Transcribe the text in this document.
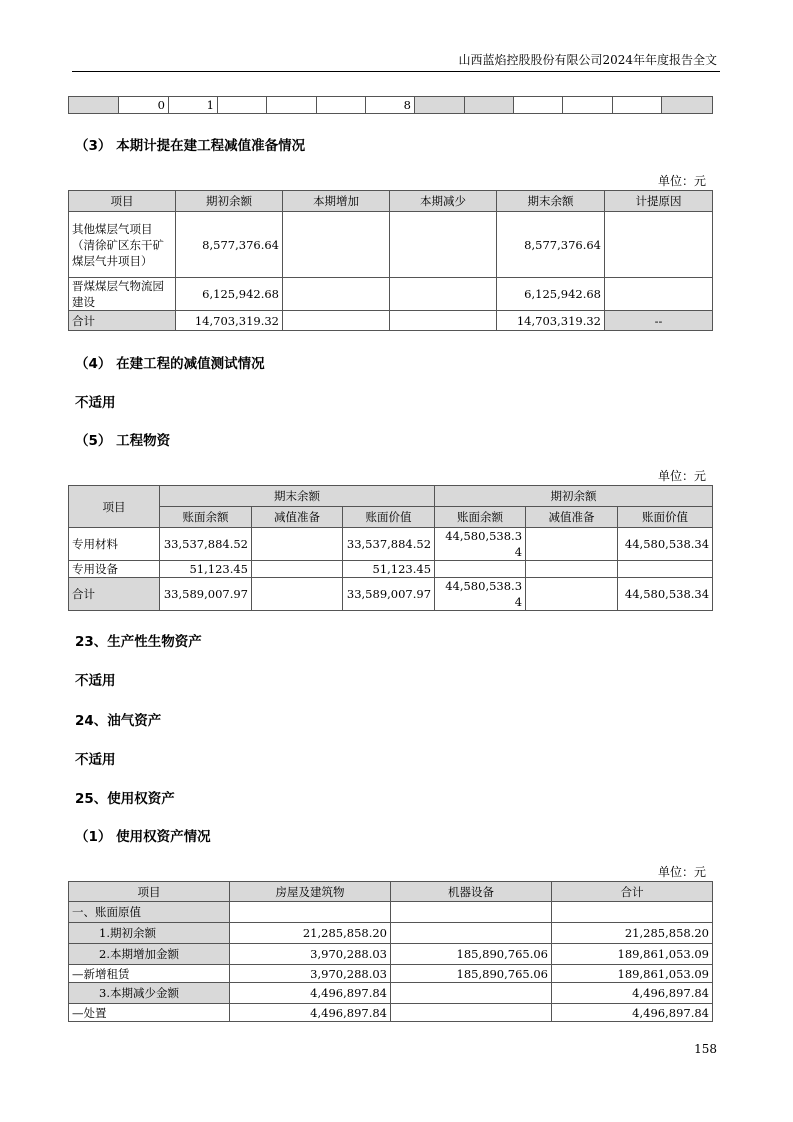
山西蓝焰控股股份有限公司2024年年度报告全文
	0	1				8						
（3） 本期计提在建工程减值准备情况
单位：元
项目	期初余额	本期增加	本期减少	期末余额	计提原因
其他煤层气项目（清徐矿区东干矿煤层气井项目）	8,577,376.64			8,577,376.64	
晋煤煤层气物流园建设	6,125,942.68			6,125,942.68	
合计	14,703,319.32			14,703,319.32	--
（4） 在建工程的减值测试情况
不适用
（5） 工程物资
单位：元
项目	期末余额			期初余额		
	账面余额	减值准备	账面价值	账面余额	减值准备	账面价值
专用材料	33,537,884.52		33,537,884.52	44,580,538.34		44,580,538.34
专用设备	51,123.45		51,123.45			
合计	33,589,007.97		33,589,007.97	44,580,538.34		44,580,538.34
23、生产性生物资产
不适用
24、油气资产
不适用
25、使用权资产
（1） 使用权资产情况
单位：元
项目	房屋及建筑物	机器设备	合计
一、账面原值			
1.期初余额	21,285,858.20		21,285,858.20
2.本期增加金额	3,970,288.03	185,890,765.06	189,861,053.09
—新增租赁	3,970,288.03	185,890,765.06	189,861,053.09
3.本期减少金额	4,496,897.84		4,496,897.84
—处置	4,496,897.84		4,496,897.84
158
